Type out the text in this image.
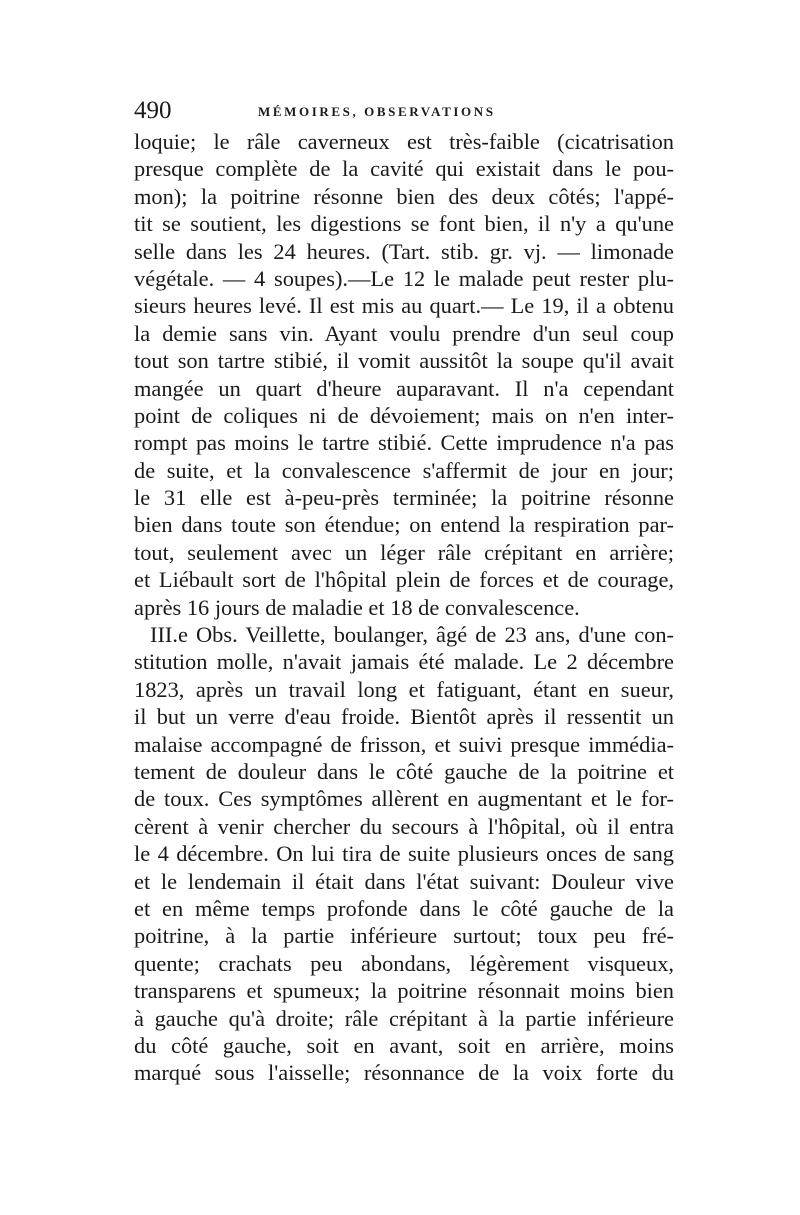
490	MÉMOIRES, OBSERVATIONS
loquie; le râle caverneux est très-faible (cicatrisation
presque complète de la cavité qui existait dans le pou-
mon); la poitrine résonne bien des deux côtés; l'appé-
tit se soutient, les digestions se font bien, il n'y a qu'une
selle dans les 24 heures. (Tart. stib. gr. vj. — limonade
végétale. — 4 soupes).—Le 12 le malade peut rester plu-
sieurs heures levé. Il est mis au quart.— Le 19, il a obtenu
la demie sans vin. Ayant voulu prendre d'un seul coup
tout son tartre stibié, il vomit aussitôt la soupe qu'il avait
mangée un quart d'heure auparavant. Il n'a cependant
point de coliques ni de dévoiement; mais on n'en inter-
rompt pas moins le tartre stibié. Cette imprudence n'a pas
de suite, et la convalescence s'affermit de jour en jour;
le 31 elle est à-peu-près terminée; la poitrine résonne
bien dans toute son étendue; on entend la respiration par-
tout, seulement avec un léger râle crépitant en arrière;
et Liébault sort de l'hôpital plein de forces et de courage,
après 16 jours de maladie et 18 de convalescence.
III.e Obs. Veillette, boulanger, âgé de 23 ans, d'une con-
stitution molle, n'avait jamais été malade. Le 2 décembre
1823, après un travail long et fatiguant, étant en sueur,
il but un verre d'eau froide. Bientôt après il ressentit un
malaise accompagné de frisson, et suivi presque immédia-
tement de douleur dans le côté gauche de la poitrine et
de toux. Ces symptômes allèrent en augmentant et le for-
cèrent à venir chercher du secours à l'hôpital, où il entra
le 4 décembre. On lui tira de suite plusieurs onces de sang
et le lendemain il était dans l'état suivant: Douleur vive
et en même temps profonde dans le côté gauche de la
poitrine, à la partie inférieure surtout; toux peu fré-
quente; crachats peu abondans, légèrement visqueux,
transparens et spumeux; la poitrine résonnait moins bien
à gauche qu'à droite; râle crépitant à la partie inférieure
du côté gauche, soit en avant, soit en arrière, moins
marqué sous l'aisselle; résonnance de la voix forte du
